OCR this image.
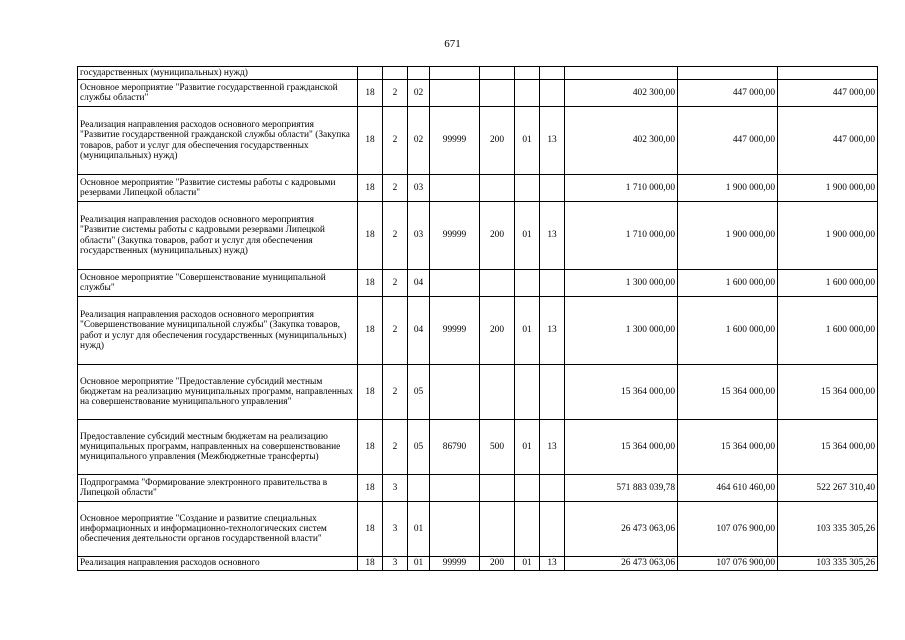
671
государственных (муниципальных) нужд)										
Основное мероприятие "Развитие государственной гражданской службы области"	18	2	02					402 300,00	447 000,00	447 000,00
Реализация направления расходов основного мероприятия "Развитие государственной гражданской службы области" (Закупка товаров, работ и услуг для обеспечения государственных (муниципальных) нужд)	18	2	02	99999	200	01	13	402 300,00	447 000,00	447 000,00
Основное мероприятие "Развитие системы работы с кадровыми резервами Липецкой области"	18	2	03					1 710 000,00	1 900 000,00	1 900 000,00
Реализация направления расходов основного мероприятия "Развитие системы работы с кадровыми резервами Липецкой области" (Закупка товаров, работ и услуг для обеспечения государственных (муниципальных) нужд)	18	2	03	99999	200	01	13	1 710 000,00	1 900 000,00	1 900 000,00
Основное мероприятие "Совершенствование муниципальной службы"	18	2	04					1 300 000,00	1 600 000,00	1 600 000,00
Реализация направления расходов основного мероприятия "Совершенствование муниципальной службы" (Закупка товаров, работ и услуг для обеспечения государственных (муниципальных) нужд)	18	2	04	99999	200	01	13	1 300 000,00	1 600 000,00	1 600 000,00
Основное мероприятие "Предоставление субсидий местным бюджетам на реализацию муниципальных программ, направленных на совершенствование муниципального управления"	18	2	05					15 364 000,00	15 364 000,00	15 364 000,00
Предоставление субсидий местным бюджетам на реализацию муниципальных программ, направленных на совершенствование муниципального управления (Межбюджетные трансферты)	18	2	05	86790	500	01	13	15 364 000,00	15 364 000,00	15 364 000,00
Подпрограмма "Формирование электронного правительства в Липецкой области"	18	3						571 883 039,78	464 610 460,00	522 267 310,40
Основное мероприятие "Создание и развитие специальных информационных и информационно-технологических систем обеспечения деятельности органов государственной власти"	18	3	01					26 473 063,06	107 076 900,00	103 335 305,26
Реализация направления расходов основного	18	3	01	99999	200	01	13	26 473 063,06	107 076 900,00	103 335 305,26
